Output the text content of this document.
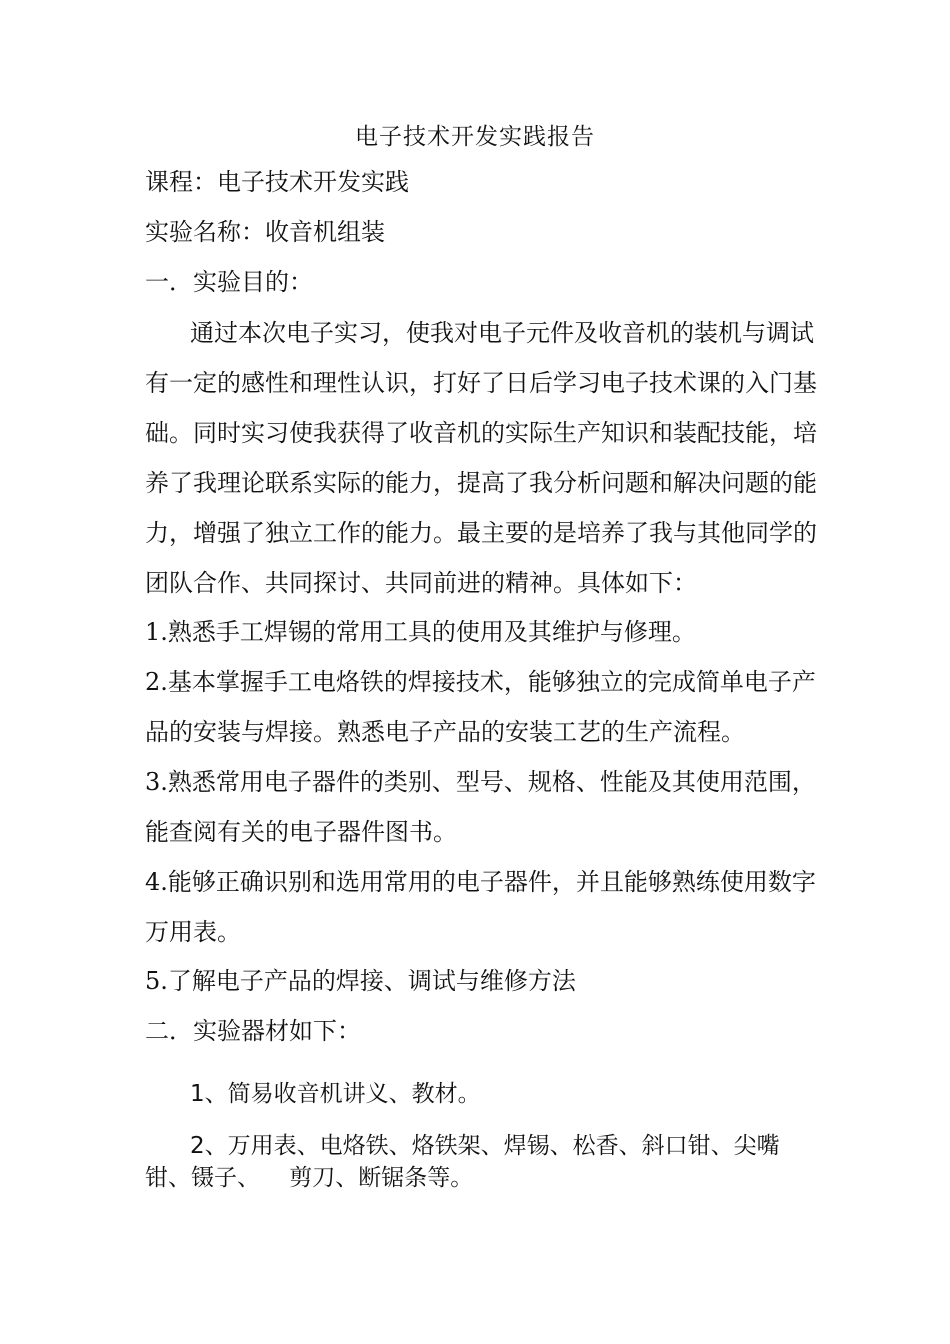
电子技术开发实践报告
课程：电子技术开发实践
实验名称：收音机组装
一．实验目的：
通过本次电子实习，使我对电子元件及收音机的装机与调试
有一定的感性和理性认识，打好了日后学习电子技术课的入门基
础。同时实习使我获得了收音机的实际生产知识和装配技能，培
养了我理论联系实际的能力，提高了我分析问题和解决问题的能
力，增强了独立工作的能力。最主要的是培养了我与其他同学的
团队合作、共同探讨、共同前进的精神。具体如下：
1.熟悉手工焊锡的常用工具的使用及其维护与修理。
2.基本掌握手工电烙铁的焊接技术，能够独立的完成简单电子产
品的安装与焊接。熟悉电子产品的安装工艺的生产流程。
3.熟悉常用电子器件的类别、型号、规格、性能及其使用范围，
能查阅有关的电子器件图书。
4.能够正确识别和选用常用的电子器件，并且能够熟练使用数字
万用表。
5.了解电子产品的焊接、调试与维修方法
二．实验器材如下：
1、简易收音机讲义、教材。
2、万用表、电烙铁、烙铁架、焊锡、松香、斜口钳、尖嘴
钳、镊子、    剪刀、断锯条等。
